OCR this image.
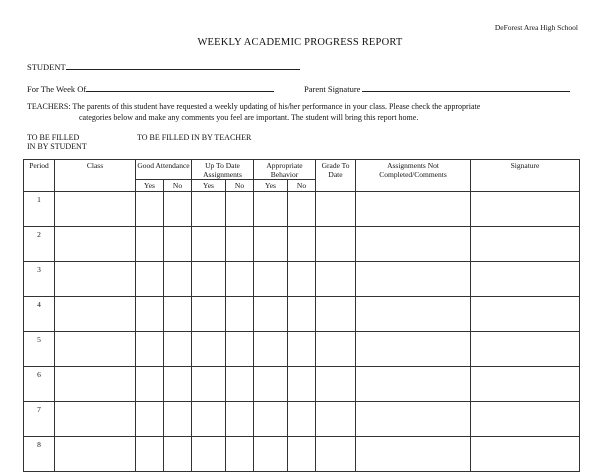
DeForest Area High School
WEEKLY ACADEMIC PROGRESS REPORT
STUDENT
For The Week Of	Parent Signature
TEACHERS: The parents of this student have requested a weekly updating of his/her performance in your class. Please check the appropriate
categories below and make any comments you feel are important. The student will bring this report home.
TO BE FILLED
IN BY STUDENT
TO BE FILLED IN BY TEACHER
Period	Class	Good Attendance		Up To Date Assignments		Appropriate Behavior		Grade To Date	Assignments Not Completed/Comments	Signature
		Yes	No	Yes	No	Yes	No			
1										
2										
3										
4										
5										
6										
7										
8										
